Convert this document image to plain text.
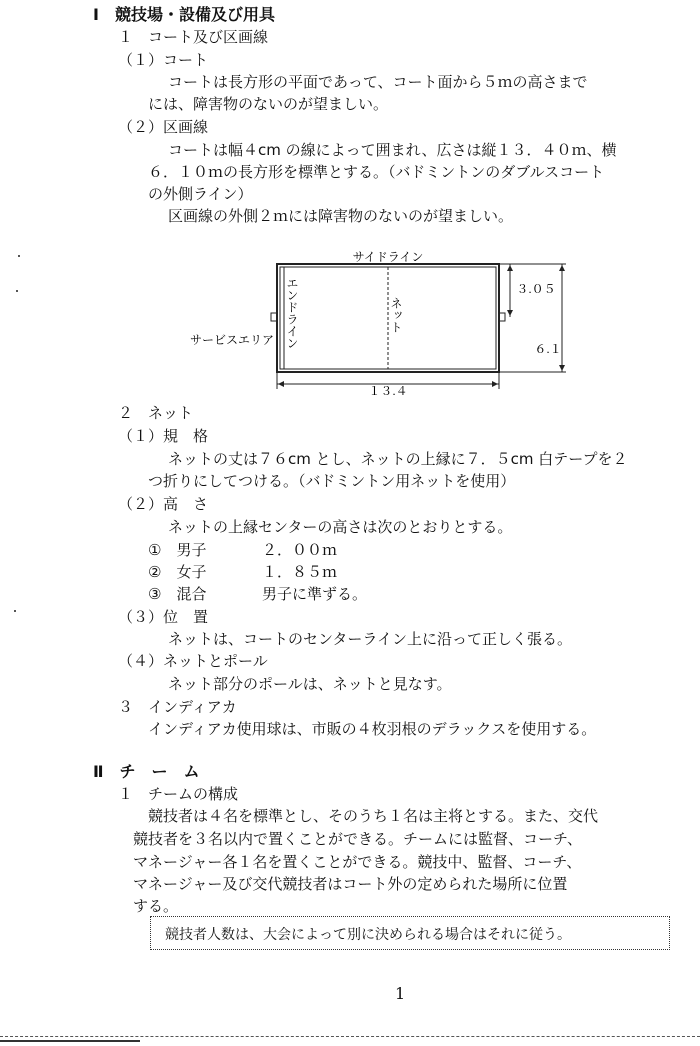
Ⅰ　競技場・設備及び用具

１　コート及び区画線

（１）コート

コートは長方形の平面であって、コート面から５ｍの高さまで

には、障害物のないのが望ましい。

（２）区画線

コートは幅４cm の線によって囲まれ、広さは縦１３．４０ｍ、横

６．１０ｍの長方形を標準とする。（バドミントンのダブルスコート

の外側ライン）

区画線の外側２ｍには障害物のないのが望ましい。

サイドライン
エンドライン	ネット
サービスエリア
３.０５
６.１
１３.４

２　ネット

（１）規　格

ネットの丈は７６cm とし、ネットの上縁に７．５cm 白テープを２

つ折りにしてつける。（バドミントン用ネットを使用）

（２）高　さ

ネットの上縁センターの高さは次のとおりとする。

①　男子	２．００ｍ

②　女子	１．８５ｍ

③　混合	男子に準ずる。

（３）位　置

ネットは、コートのセンターライン上に沿って正しく張る。

（４）ネットとポール

ネット部分のポールは、ネットと見なす。

３　インディアカ

インディアカ使用球は、市販の４枚羽根のデラックスを使用する。

Ⅱ　チ　ー　ム

１　チームの構成

競技者は４名を標準とし、そのうち１名は主将とする。また、交代

競技者を３名以内で置くことができる。チームには監督、コーチ、

マネージャー各１名を置くことができる。競技中、監督、コーチ、

マネージャー及び交代競技者はコート外の定められた場所に位置

する。

競技者人数は、大会によって別に決められる場合はそれに従う。
1
